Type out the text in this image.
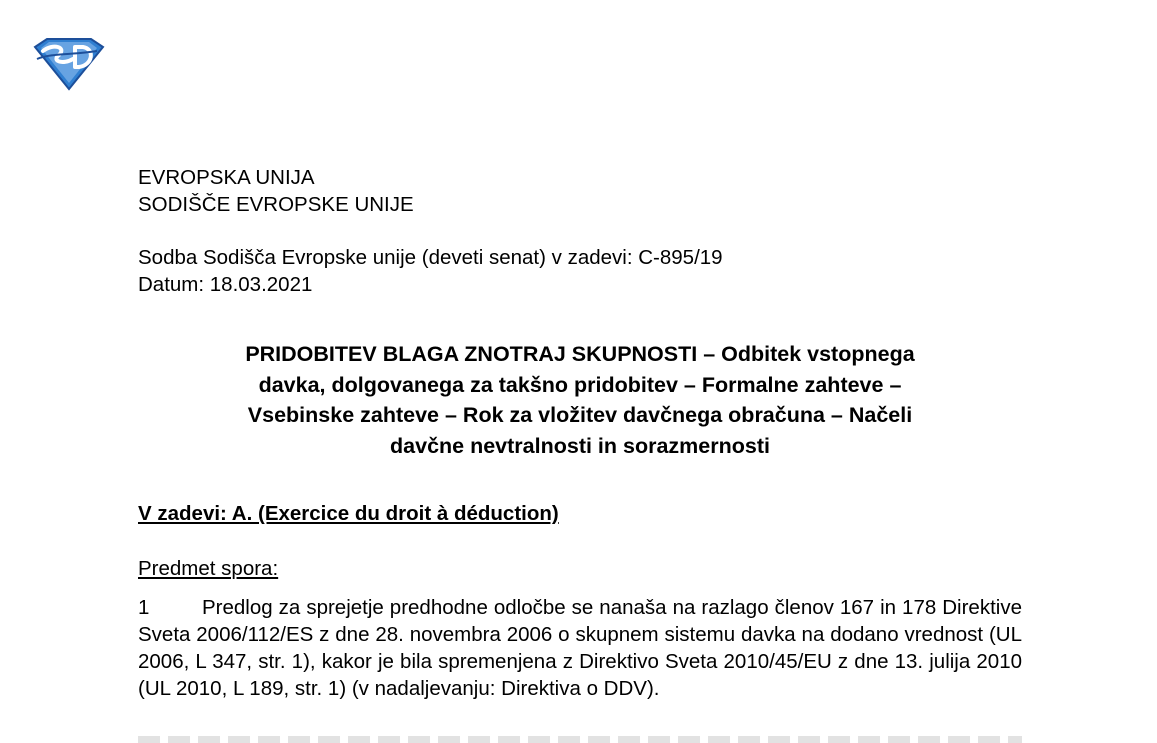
EVROPSKA UNIJA
SODIŠČE EVROPSKE UNIJE
Sodba Sodišča Evropske unije (deveti senat) v zadevi: C-895/19
Datum: 18.03.2021
PRIDOBITEV BLAGA ZNOTRAJ SKUPNOSTI – Odbitek vstopnega
davka, dolgovanega za takšno pridobitev – Formalne zahteve –
Vsebinske zahteve – Rok za vložitev davčnega obračuna – Načeli
davčne nevtralnosti in sorazmernosti
V zadevi: A. (Exercice du droit à déduction)
Predmet spora:
1	Predlog za sprejetje predhodne odločbe se nanaša na razlago členov 167 in 178 Direktive Sveta 2006/112/ES z dne 28. novembra 2006 o skupnem sistemu davka na dodano vrednost (UL 2006, L 347, str. 1), kakor je bila spremenjena z Direktivo Sveta 2010/45/EU z dne 13. julija 2010 (UL 2010, L 189, str. 1) (v nadaljevanju: Direktiva o DDV).
